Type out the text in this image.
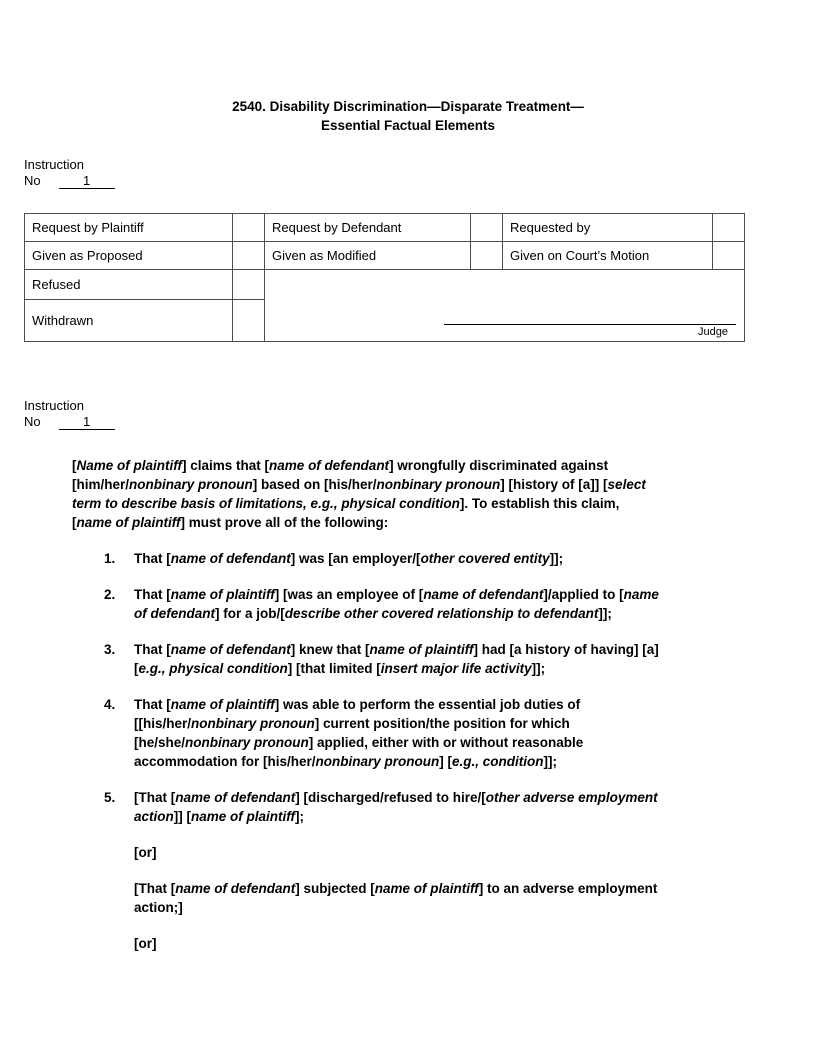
2540. Disability Discrimination—Disparate Treatment—
Essential Factual Elements
Instruction
No	1
Request by Plaintiff		Request by Defendant		Requested by	
Given as Proposed		Given as Modified		Given on Court’s Motion	
Refused		Judge			

Withdrawn					
Instruction
No	1

[Name of plaintiff] claims that [name of defendant] wrongfully discriminated against [him/her/nonbinary pronoun] based on [his/her/nonbinary pronoun] [history of [a]] [select term to describe basis of limitations, e.g., physical condition]. To establish this claim, [name of plaintiff] must prove all of the following:

1.	That [name of defendant] was [an employer/[other covered entity]];

2.	That [name of plaintiff] [was an employee of [name of defendant]/applied to [name of defendant] for a job/[describe other covered relationship to defendant]];

3.	That [name of defendant] knew that [name of plaintiff] had [a history of having] [a] [e.g., physical condition] [that limited [insert major life activity]];

4.	That [name of plaintiff] was able to perform the essential job duties of [[his/her/nonbinary pronoun] current position/the position for which [he/she/nonbinary pronoun] applied, either with or without reasonable accommodation for [his/her/nonbinary pronoun] [e.g., condition]];

5.	[That [name of defendant] [discharged/refused to hire/[other adverse employment action]] [name of plaintiff];

[or]

[That [name of defendant] subjected [name of plaintiff] to an adverse employment action;]

[or]
